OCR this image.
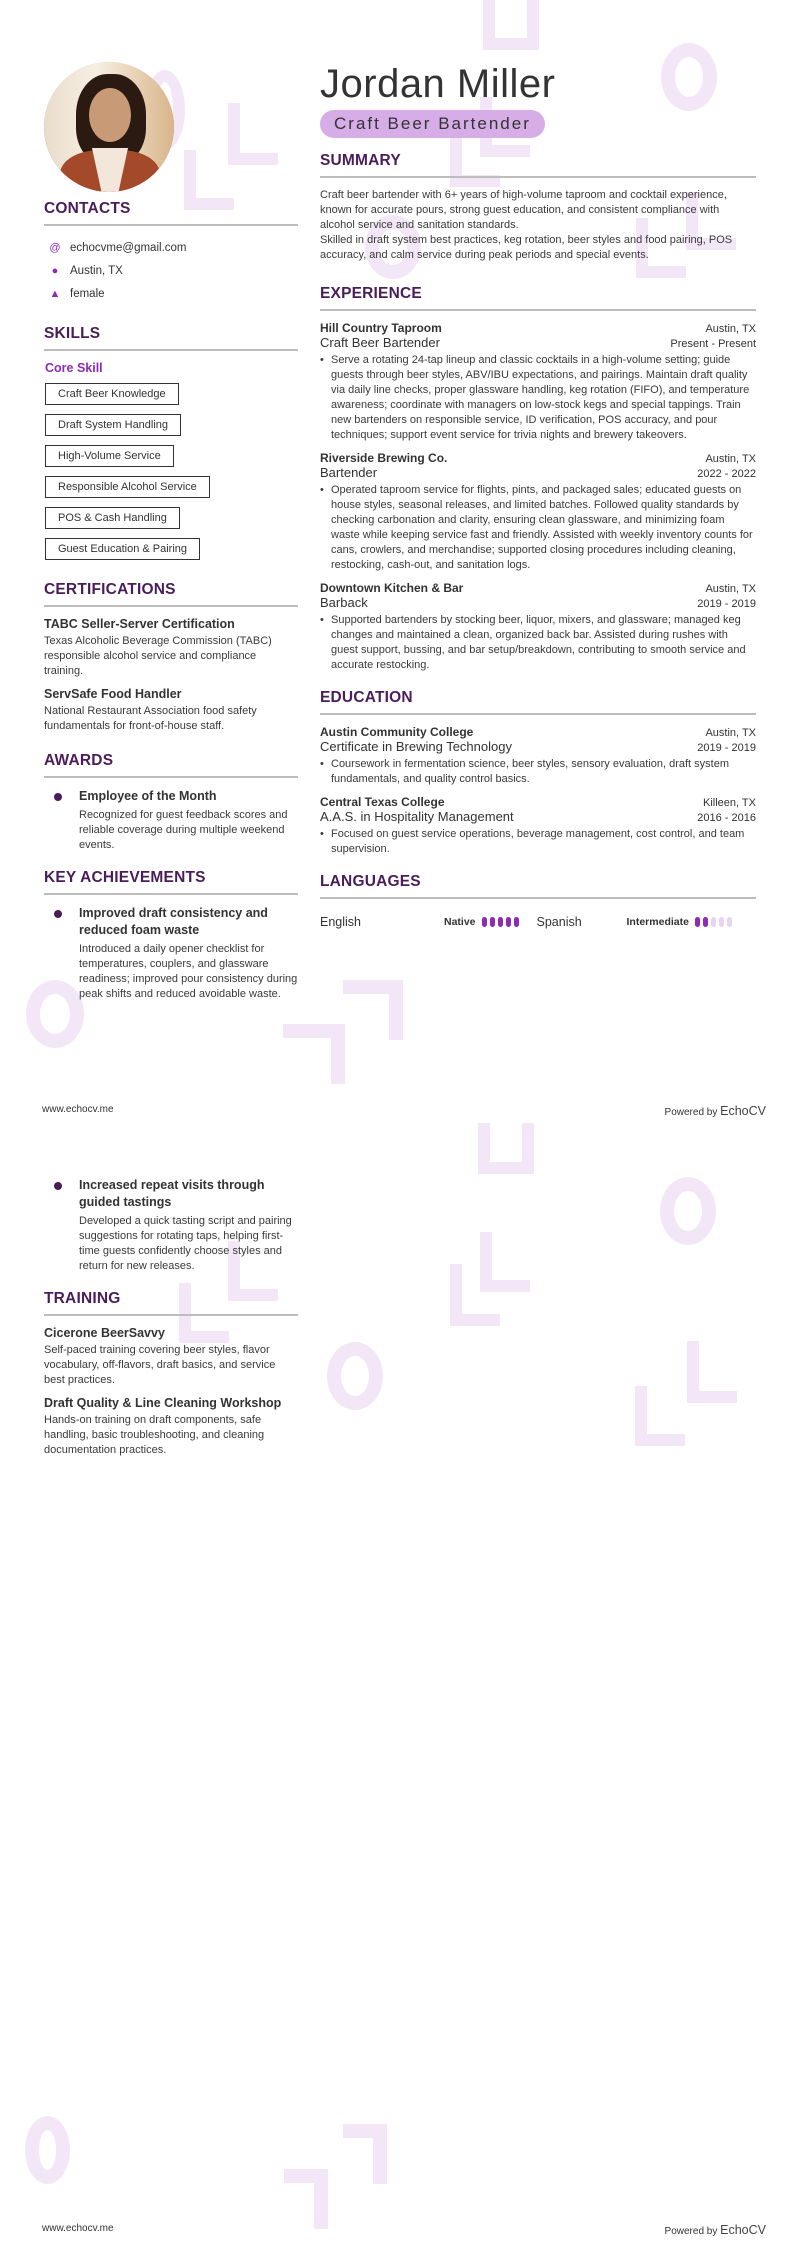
CONTACTS
@ echocvme@gmail.com
●	Austin, TX
▲ female
SKILLS
Core Skill
Craft Beer Knowledge
Draft System Handling
High-Volume Service
Responsible Alcohol Service
POS & Cash Handling
Guest Education & Pairing
CERTIFICATIONS
TABC Seller-Server Certification
Texas Alcoholic Beverage Commission (TABC) responsible alcohol service and compliance training.
ServSafe Food Handler
National Restaurant Association food safety fundamentals for front-of-house staff.
AWARDS
Employee of the Month
Recognized for guest feedback scores and reliable coverage during multiple weekend events.
KEY ACHIEVEMENTS
Improved draft consistency and reduced foam waste
Introduced a daily opener checklist for temperatures, couplers, and glassware readiness; improved pour consistency during peak shifts and reduced avoidable waste.
Jordan Miller
Craft Beer Bartender
SUMMARY

Craft beer bartender with 6+ years of high-volume taproom and cocktail experience, known for accurate pours, strong guest education, and consistent compliance with alcohol service and sanitation standards.

Skilled in draft system best practices, keg rotation, beer styles and food pairing, POS accuracy, and calm service during peak periods and special events.

EXPERIENCE
Hill Country Taproom	Austin, TX
Craft Beer Bartender	Present - Present
• Serve a rotating 24-tap lineup and classic cocktails in a high-volume setting; guide guests through beer styles, ABV/IBU expectations, and pairings. Maintain draft quality via daily line checks, proper glassware handling, keg rotation (FIFO), and temperature awareness; coordinate with managers on low-stock kegs and special tappings. Train new bartenders on responsible service, ID verification, POS accuracy, and pour techniques; support event service for trivia nights and brewery takeovers.
Riverside Brewing Co.	Austin, TX
Bartender	2022 - 2022
• Operated taproom service for flights, pints, and packaged sales; educated guests on house styles, seasonal releases, and limited batches. Followed quality standards by checking carbonation and clarity, ensuring clean glassware, and minimizing foam waste while keeping service fast and friendly. Assisted with weekly inventory counts for cans, crowlers, and merchandise; supported closing procedures including cleaning, restocking, cash-out, and sanitation logs.
Downtown Kitchen & Bar	Austin, TX
Barback	2019 - 2019
• Supported bartenders by stocking beer, liquor, mixers, and glassware; managed keg changes and maintained a clean, organized back bar. Assisted during rushes with guest support, bussing, and bar setup/breakdown, contributing to smooth service and accurate restocking.
EDUCATION
Austin Community College	Austin, TX
Certificate in Brewing Technology	2019 - 2019
• Coursework in fermentation science, beer styles, sensory evaluation, draft system fundamentals, and quality control basics.
Central Texas College	Killeen, TX
A.A.S. in Hospitality Management	2016 - 2016
• Focused on guest service operations, beverage management, cost control, and team supervision.
LANGUAGES
English	Native	Spanish	Intermediate
www.echocv.me	Powered by EchoCV
Increased repeat visits through guided tastings
Developed a quick tasting script and pairing suggestions for rotating taps, helping first-time guests confidently choose styles and return for new releases.
TRAINING
Cicerone BeerSavvy
Self-paced training covering beer styles, flavor vocabulary, off-flavors, draft basics, and service best practices.
Draft Quality & Line Cleaning Workshop
Hands-on training on draft components, safe handling, basic troubleshooting, and cleaning documentation practices.
www.echocv.me	Powered by EchoCV
